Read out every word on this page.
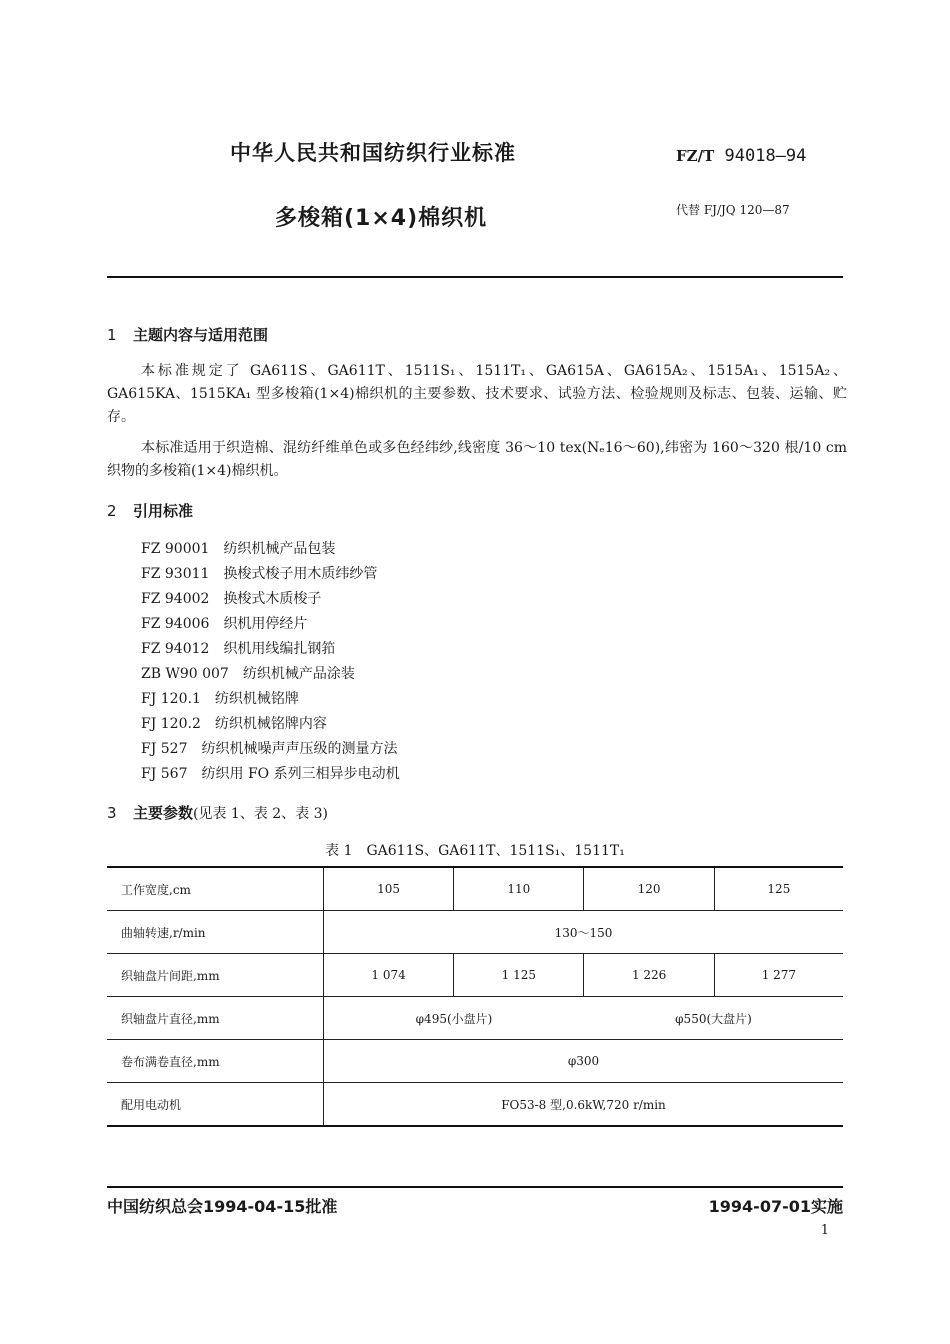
中华人民共和国纺织行业标准	FZ/T 94018—94
多梭箱(1×4)棉织机	代替 FJ/JQ 120—87
1 主题内容与适用范围
本标准规定了 GA611S、GA611T、1511S₁、1511T₁、GA615A、GA615A₂、1515A₁、1515A₂、GA615KA、1515KA₁ 型多梭箱(1×4)棉织机的主要参数、技术要求、试验方法、检验规则及标志、包装、运输、贮存。
本标准适用于织造棉、混纺纤维单色或多色经纬纱,线密度 36～10 tex(Nₑ16～60),纬密为 160～320 根/10 cm 织物的多梭箱(1×4)棉织机。
2 引用标准
FZ 90001 纺织机械产品包装
FZ 93011 换梭式梭子用木质纬纱管
FZ 94002 换梭式木质梭子
FZ 94006 织机用停经片
FZ 94012 织机用线编扎钢筘
ZB W90 007 纺织机械产品涂装
FJ 120.1 纺织机械铭牌
FJ 120.2 纺织机械铭牌内容
FJ 527 纺织机械噪声声压级的测量方法
FJ 567 纺织用 FO 系列三相异步电动机
3 主要参数(见表 1、表 2、表 3)
表 1　GA611S、GA611T、1511S₁、1511T₁
工作宽度,cm	105	110	120	125
曲轴转速,r/min	130～150			
织轴盘片间距,mm	1 074	1 125	1 226	1 277
织轴盘片直径,mm	φ495(小盘片)		φ550(大盘片)	
卷布满卷直径,mm	φ300			
配用电动机	FO53-8 型,0.6kW,720 r/min			
中国纺织总会1994-04-15批准	1994-07-01实施
1
